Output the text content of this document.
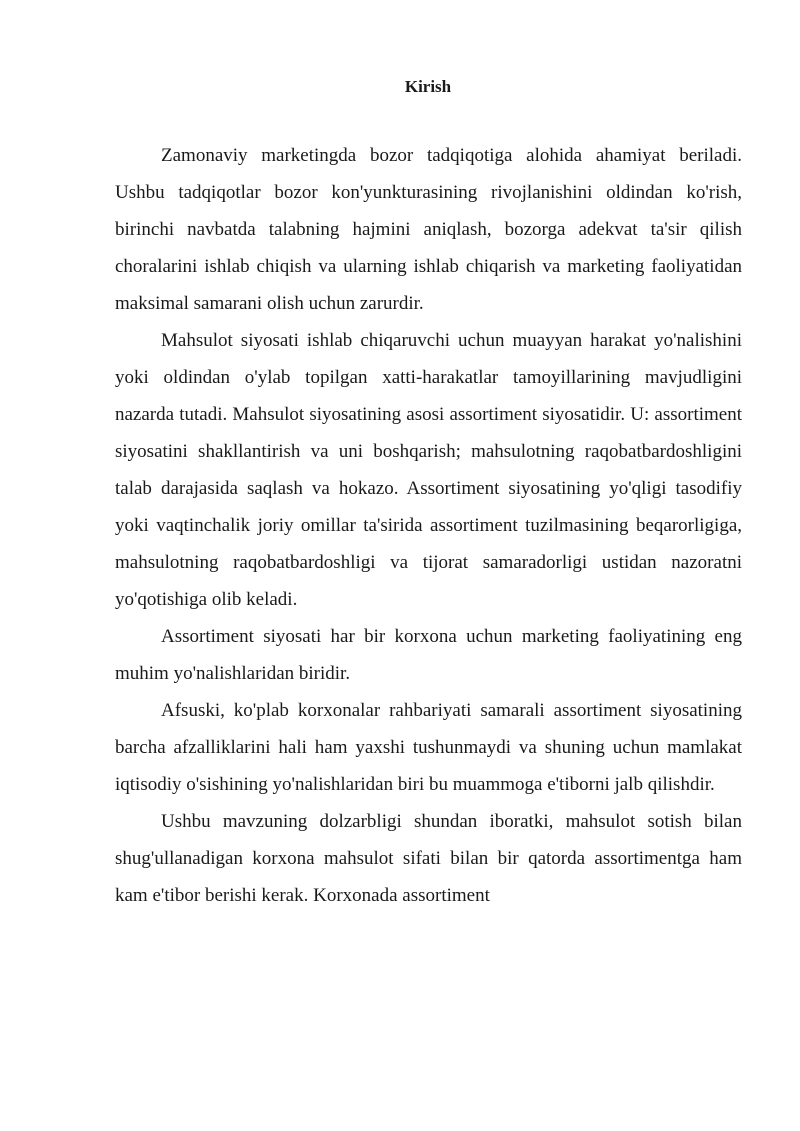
Kirish

Zamonaviy marketingda bozor tadqiqotiga alohida ahamiyat beriladi. Ushbu tadqiqotlar bozor kon'yunkturasining rivojlanishini oldindan ko'rish, birinchi navbatda talabning hajmini aniqlash, bozorga adekvat ta'sir qilish choralarini ishlab chiqish va ularning ishlab chiqarish va marketing faoliyatidan maksimal samarani olish uchun zarurdir.

Mahsulot siyosati ishlab chiqaruvchi uchun muayyan harakat yo'nalishini yoki oldindan o'ylab topilgan xatti-harakatlar tamoyillarining mavjudligini nazarda tutadi. Mahsulot siyosatining asosi assortiment siyosatidir. U: assortiment siyosatini shakllantirish va uni boshqarish; mahsulotning raqobatbardoshligini talab darajasida saqlash va hokazo. Assortiment siyosatining yo'qligi tasodifiy yoki vaqtinchalik joriy omillar ta'sirida assortiment tuzilmasining beqarorligiga, mahsulotning raqobatbardoshligi va tijorat samaradorligi ustidan nazoratni yo'qotishiga olib keladi.

Assortiment siyosati har bir korxona uchun marketing faoliyatining eng muhim yo'nalishlaridan biridir.

Afsuski, ko'plab korxonalar rahbariyati samarali assortiment siyosatining barcha afzalliklarini hali ham yaxshi tushunmaydi va shuning uchun mamlakat iqtisodiy o'sishining yo'nalishlaridan biri bu muammoga e'tiborni jalb qilishdir.

Ushbu mavzuning dolzarbligi shundan iboratki, mahsulot sotish bilan shug'ullanadigan korxona mahsulot sifati bilan bir qatorda assortimentga ham kam e'tibor berishi kerak. Korxonada assortiment
